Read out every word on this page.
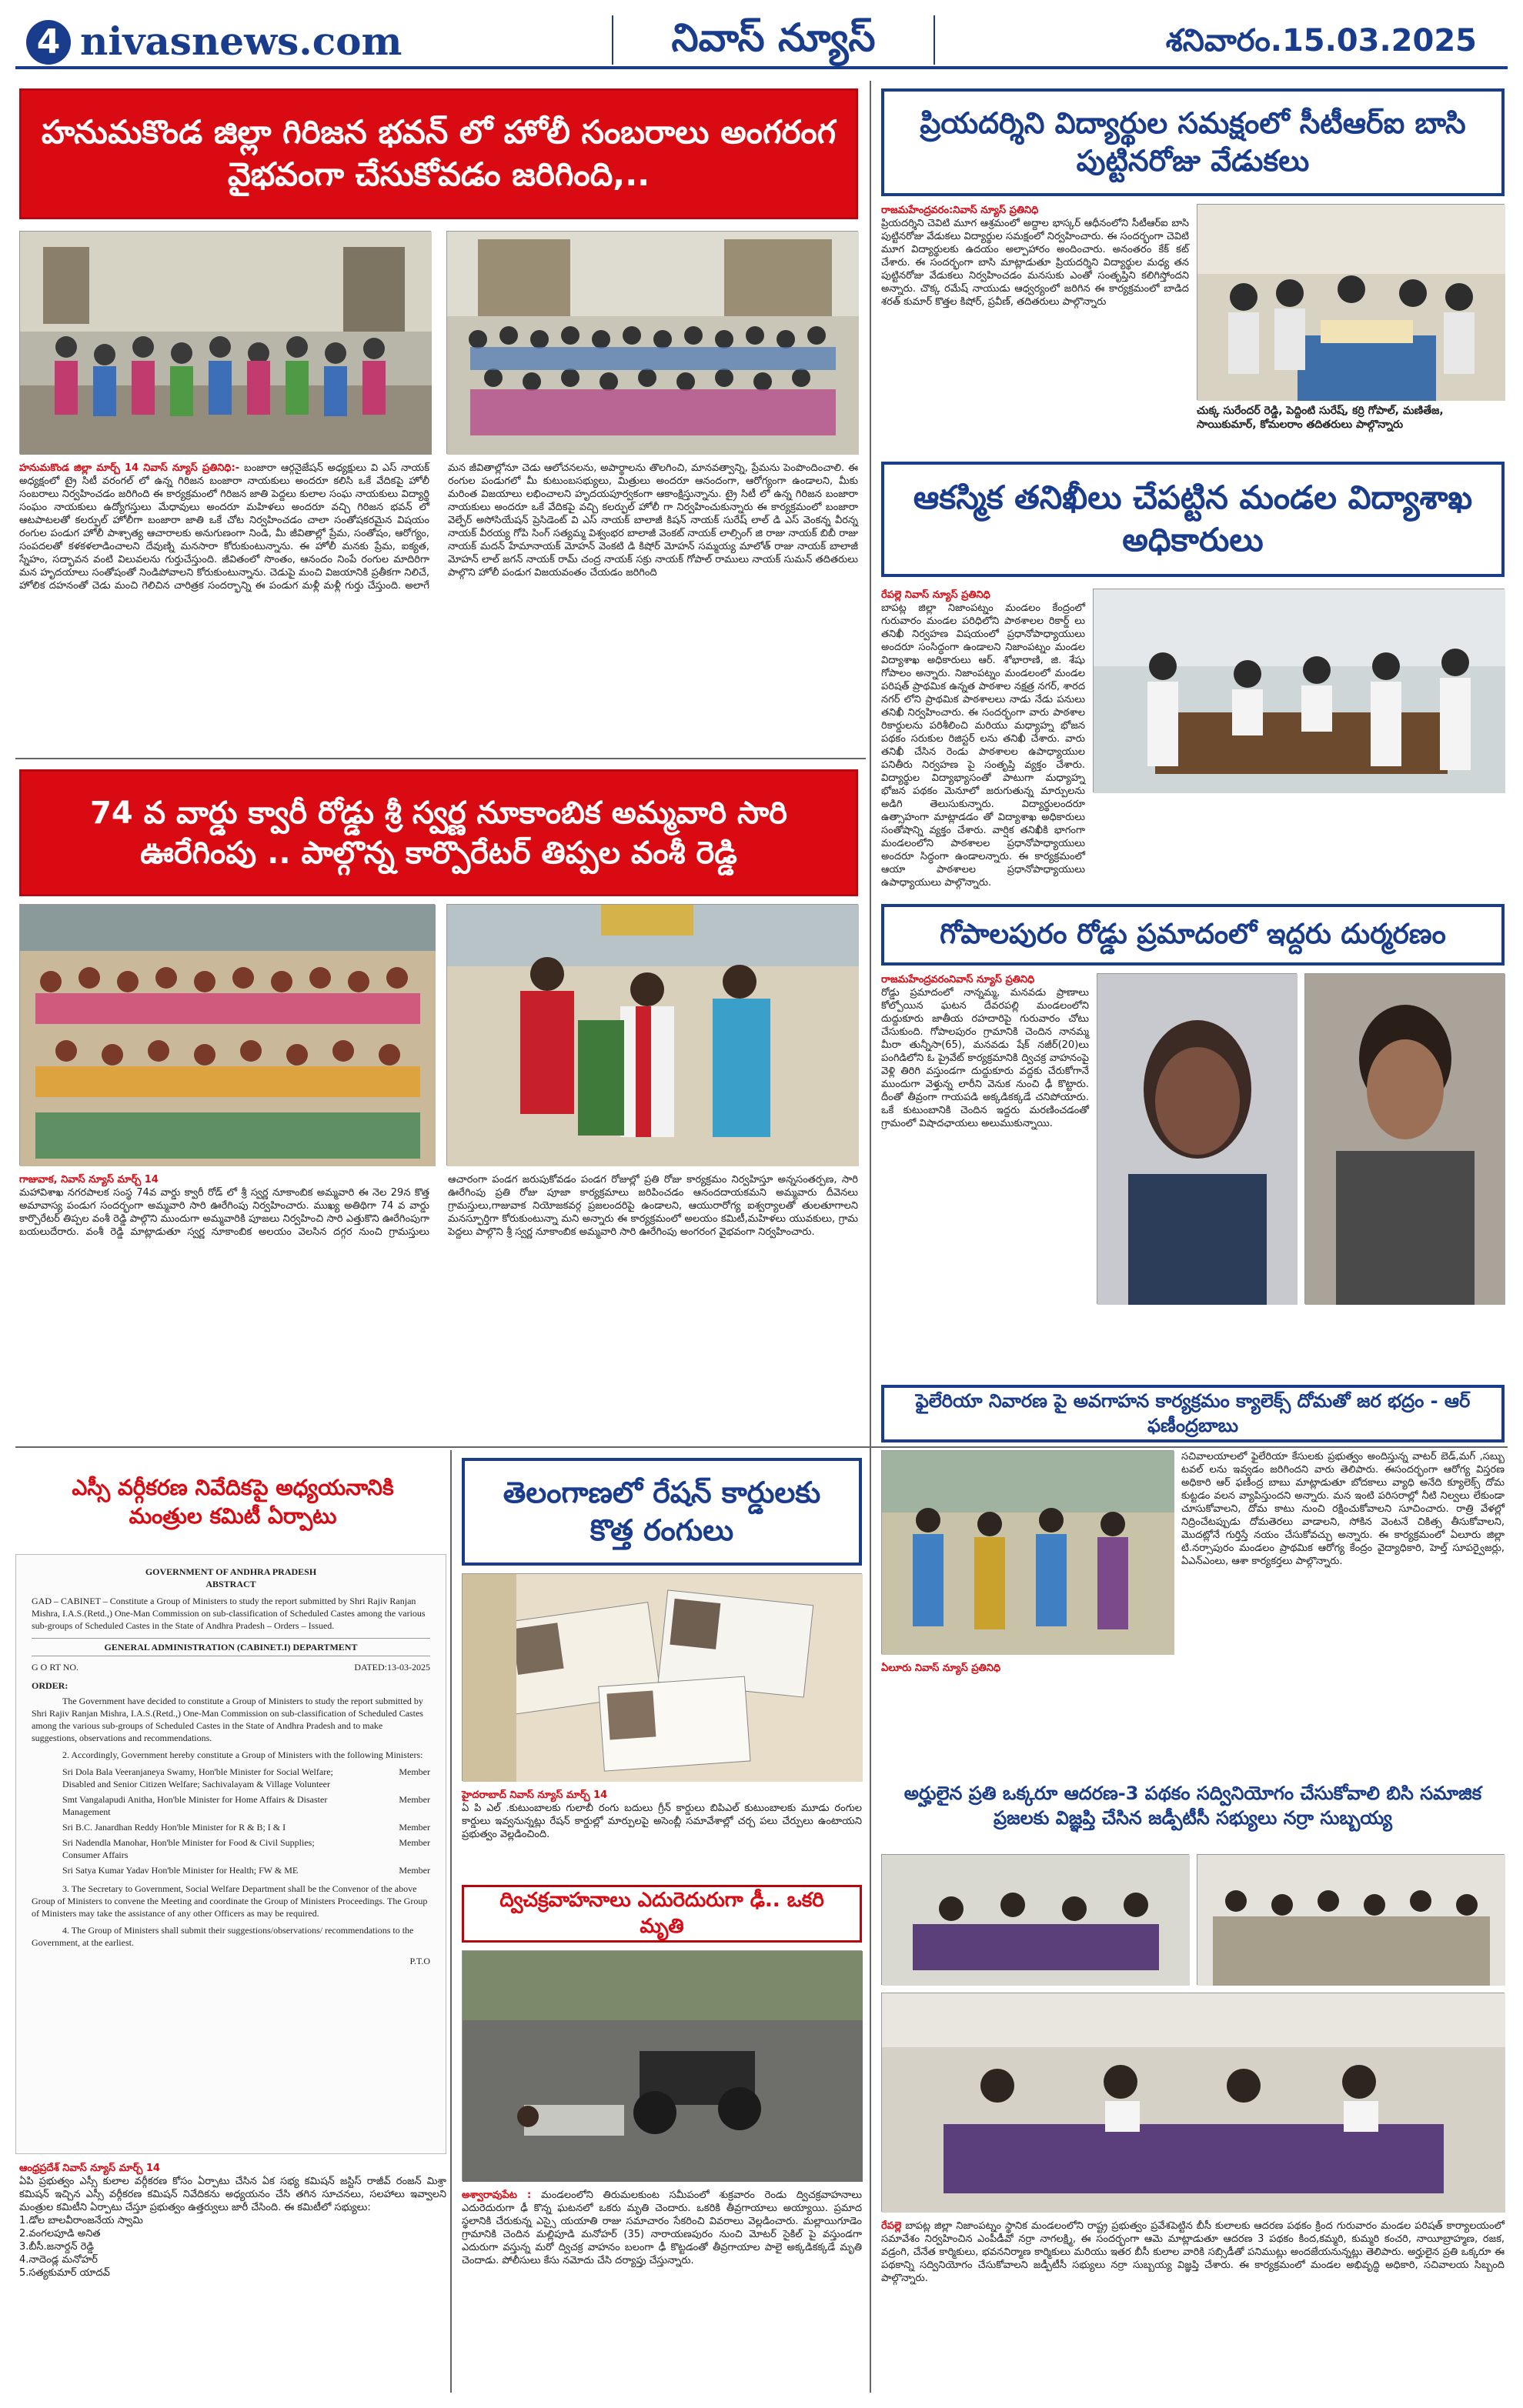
4 nivasnews.com	నివాస్ న్యూస్	శనివారం.15.03.2025
హనుమకొండ జిల్లా గిరిజన భవన్ లో హోలీ సంబరాలు అంగరంగ వైభవంగా చేసుకోవడం జరిగింది,..
హనుమకొండ జిల్లా మార్చ్ 14 నివాస్ న్యూస్ ప్రతినిధి:- బంజారా ఆర్గనైజేషన్ అధ్యక్షులు వి ఎస్ నాయక్ అధ్యక్షంలో ట్రై సిటీ వరంగల్ లో ఉన్న గిరిజన బంజారా నాయకులు అందరూ కలిసి ఒకే వేదికపై హోలీ సంబరాలు నిర్వహించడం జరిగింది ఈ కార్యక్రమంలో గిరిజన జాతి పెద్దలు కులాల సంఘ నాయకులు విద్యార్థి సంఘం నాయకులు ఉద్యోగస్తులు మేధావులు అందరూ మహిళలు అందరూ వచ్చి గిరిజన భవన్ లో ఆటపాటలతో కలర్ఫుల్ హోలీగా బంజారా జాతి ఒకే చోట నిర్వహించడం చాలా సంతోషకరమైన విషయం రంగుల పండుగ హోలీ పాశ్చాత్య ఆచారాలకు అనుగుణంగా నిండి, మీ జీవితాల్లో ప్రేమ, సంతోషం, ఆరోగ్యం, సంపదలతో కళకళలాడించాలని దేవుణ్ని మనసారా కోరుకుంటున్నాను. ఈ హోలీ మనకు ప్రేమ, ఐక్యత, స్నేహం, సద్భావన వంటి విలువలను గుర్తుచేస్తుంది. జీవితంలో సొంతం, ఆనందం నింపే రంగుల మాదిరిగా మన హృదయాలు సంతోషంతో నిండిపోవాలని కోరుకుంటున్నాను. చెడుపై మంచి విజయానికి ప్రతీకగా నిలిచే, హోలిక దహనంతో చెడు మంచి గెలిచిన చారిత్రక సందర్భాన్ని ఈ పండుగ మళ్లీ మళ్లీ గుర్తు చేస్తుంది. అలాగే మన జీవితాల్లోనూ చెడు ఆలోచనలను, అపార్థాలను తొలగించి, మానవత్వాన్ని, ప్రేమను పెంపొందించాలి. ఈ రంగుల పండుగలో మీ కుటుంబసభ్యులు, మిత్రులు అందరూ ఆనందంగా, ఆరోగ్యంగా ఉండాలని, మీకు మరింత విజయాలు లభించాలని హృదయపూర్వకంగా ఆకాంక్షిస్తున్నాను. ట్రై సిటీ లో ఉన్న గిరిజన బంజారా నాయకులు అందరూ ఒకే వేదికపై వచ్చి కలర్ఫుల్ హోలీ గా నిర్వహించుకున్నారు ఈ కార్యక్రమంలో బంజారా వెల్ఫేర్ అసోసియేషన్ ప్రెసిడెంట్ వి ఎస్ నాయక్ బాలాజీ కిషన్ నాయక్ సురేష్ లాల్ డి ఎస్ వెంకన్న వీరన్న నాయక్ వీరయ్య గోపి సింగ్ సత్యమ్మ విశ్వంభర బాలాజీ వెంకట్ నాయక్ లాల్సింగ్ జి రాజు నాయక్ బిబీ రాజు నాయక్ మదన్ హేమానాయక్ మోహన్ వెంకటి డి కిషోర్ మోహన్ సమ్మయ్య మాలోత్ రాజు నాయక్ బాలాజీ మోహన్ లాల్ జగన్ నాయక్ రామ్ చంద్ర నాయక్ సక్రు నాయక్ గోపాల్ రాములు నాయక్ సుమన్ తదితరులు పాల్గొని హోలీ పండుగ విజయవంతం చేయడం జరిగింది
ప్రియదర్శిని విద్యార్థుల సమక్షంలో సీటీఆర్ఐ బాసి పుట్టినరోజు వేడుకలు
రాజమహేంద్రవరం:నివాస్ న్యూస్ ప్రతినిధి
ప్రియదర్శిని చెవిటి మూగ ఆశ్రమంలో అద్దాల భాస్కర్ ఆధీనంలోని సీటీఆర్ఐ బాసి పుట్టినరోజు వేడుకలు విద్యార్థుల సమక్షంలో నిర్వహించారు. ఈ సందర్భంగా చెవిటి మూగ విద్యార్థులకు ఉదయం అల్పాహారం అందించారు. అనంతరం కేక్ కట్ చేశారు. ఈ సందర్భంగా బాసి మాట్లాడుతూ ప్రియదర్శిని విద్యార్థుల మధ్య తన పుట్టినరోజు వేడుకలు నిర్వహించడం మనసుకు ఎంతో సంతృప్తిని కలిగిస్తోందని అన్నారు. చొక్క రమేష్ నాయుడు ఆధ్వర్యంలో జరిగిన ఈ కార్యక్రమంలో బాడిద శరత్ కుమార్ కొత్తల కిషోర్, ప్రవీణ్, తదితరులు పాల్గొన్నారు
చుక్క సురేందర్ రెడ్డి, పెద్దింటి సురేష్, కర్రి గోపాల్, మణితేజ, సాయికుమార్, కోమలరాం తదితరులు పాల్గొన్నారు
ఆకస్మిక తనిఖీలు చేపట్టిన మండల విద్యాశాఖ అధికారులు
రేపల్లె నివాస్ న్యూస్ ప్రతినిధి
బాపట్ల జిల్లా నిజాంపట్నం మండలం కేంద్రంలో గురువారం మండల పరిధిలోని పాఠశాలల రికార్డ్ లు తనిఖీ నిర్వహణ విషయంలో ప్రధానోపాధ్యాయులు అందరూ సంసిద్ధంగా ఉండాలని నిజాంపట్నం మండల విద్యాశాఖ అధికారులు ఆర్. శోభారాణి, జి. శేషు గోపాలం అన్నారు. నిజాంపట్నం మండలంలో మండల పరిషత్ ప్రాథమిక ఉన్నత పాఠశాల నక్షత్ర నగర్, శారద నగర్ లోని ప్రాథమిక పాఠశాలలు నాడు నేడు పనులు తనిఖీ నిర్వహించారు. ఈ సందర్భంగా వారు పాఠశాల రికార్డులను పరిశీలించి మరియు మధ్యాహ్న భోజన పథకం సరుకుల రిజిస్టర్ లను తనిఖీ చేశారు. వారు తనిఖీ చేసిన రెండు పాఠశాలల ఉపాధ్యాయుల పనితీరు నిర్వహణ పై సంతృప్తి వ్యక్తం చేశారు. విద్యార్థుల విద్యాభ్యాసంతో పాటుగా మధ్యాహ్న భోజన పథకం మెనూలో జరుగుతున్న మార్పులను అడిగి తెలుసుకున్నారు. విద్యార్థులందరూ ఉత్సాహంగా మాట్లాడడం తో విద్యాశాఖ అధికారులు సంతోషాన్ని వ్యక్తం చేశారు. వార్షిక తనిఖీకి భాగంగా మండలంలోని పాఠశాలల ప్రధానోపాధ్యాయులు అందరూ సిద్ధంగా ఉండాలన్నారు. ఈ కార్యక్రమంలో ఆయా పాఠశాలల ప్రధానోపాధ్యాయులు ఉపాధ్యాయులు పాల్గొన్నారు.
74 వ వార్డు క్వారీ రోడ్డు శ్రీ స్వర్ణ నూకాంబిక అమ్మవారి సారి ఊరేగింపు .. పాల్గొన్న కార్పొరేటర్ తిప్పల వంశీ రెడ్డి
గాజువాక, నివాస్ న్యూస్ మార్చ్ 14
మహావిశాఖ నగరపాలక సంస్థ 74వ వార్డు క్వారీ రోడ్ లో శ్రీ స్వర్ణ నూకాంబిక అమ్మవారి ఈ నెల 29న కొత్త అమావాస్య పండుగ సందర్భంగా అమ్మవారి సారి ఊరేగింపు నిర్వహించారు. ముఖ్య అతిథిగా 74 వ వార్డు కార్పొరేటర్ తిప్పల వంశీ రెడ్డి పాల్గొని ముందుగా అమ్మవారికి పూజలు నిర్వహించి సారి ఎత్తుకొని ఊరేగింపుగా బయలుదేరారు. వంశీ రెడ్డి మాట్లాడుతూ స్వర్ణ నూకాంబిక అలయం వెలసిన దగ్గర నుంచి గ్రామస్తులు ఆచారంగా పండగ జరుపుకోవడం పండగ రోజుల్లో ప్రతి రోజు కార్యక్రమం నిర్వహిస్తూ అన్నసంతర్పణ, సారి ఊరేగింపు ప్రతి రోజు పూజా కార్యక్రమాలు జరిపించడం ఆనందదాయకమని అమ్మవారు దీవెనలు గ్రామస్తులు,గాజువాక నియోజకవర్గ ప్రజలందరిపై ఉండాలని, ఆయురారోగ్య ఐశ్వర్యాలతో తులతూగాలని మనస్ఫూర్తిగా కోరుకుంటున్నా మని అన్నారు ఈ కార్యక్రమంలో అలయం కమిటీ,మహిళలు యువకులు, గ్రామ పెద్దలు పాల్గొని శ్రీ స్వర్ణ నూకాంబిక అమ్మవారి సారి ఊరేగింపు అంగరంగ వైభవంగా నిర్వహించారు.
గోపాలపురం రోడ్డు ప్రమాదంలో ఇద్దరు దుర్మరణం
రాజమహేంద్రవరంనివాస్ న్యూస్ ప్రతినిధి
రోడ్డు ప్రమాదంలో నాన్నమ్మ, మనవడు ప్రాణాలు కోల్పోయిన ఘటన దేవరపల్లి మండలంలోని దుద్దుకూరు జాతీయ రహదారిపై గురువారం చోటు చేసుకుంది. గోపాలపురం గ్రామానికి చెందిన నానమ్మ మీరా తున్నీసా(65), మనవడు షేక్ నజీర్(20)లు పంగిడిలోని ఓ ప్రైవేట్ కార్యక్రమానికి ద్విచక్ర వాహనంపై వెళ్లి తిరిగి వస్తుండగా దుద్దుకూరు వద్దకు చేరుకోగానే ముందుగా వెళ్తున్న లారీని వెనుక నుంచి ఢీ కొట్టారు. దీంతో తీవ్రంగా గాయపడి అక్కడికక్కడే చనిపోయారు. ఒకే కుటుంబానికి చెందిన ఇద్దరు మరణించడంతో గ్రామంలో విషాదఛాయలు అలుముకున్నాయి.
ఫైలేరియా నివారణ పై అవగాహన కార్యక్రమం క్యాలెక్స్ దోమతో జర భద్రం - ఆర్ ఫణీంద్రబాబు
ఎస్సీ వర్గీకరణ నివేదికపై అధ్యయనానికి మంత్రుల కమిటీ ఏర్పాటు
GOVERNMENT OF ANDHRA PRADESH
ABSTRACT
GAD – CABINET – Constitute a Group of Ministers to study the report submitted by Shri Rajiv Ranjan Mishra, I.A.S.(Retd.,) One-Man Commission on sub-classification of Scheduled Castes among the various sub-groups of Scheduled Castes in the State of Andhra Pradesh – Orders – Issued.
GENERAL ADMINISTRATION (CABINET.I) DEPARTMENT
G O RT NO.	DATED:13-03-2025
ORDER:
The Government have decided to constitute a Group of Ministers to study the report submitted by Shri Rajiv Ranjan Mishra, I.A.S.(Retd.,) One-Man Commission on sub-classification of Scheduled Castes among the various sub-groups of Scheduled Castes in the State of Andhra Pradesh and to make suggestions, observations and recommendations.
2. Accordingly, Government hereby constitute a Group of Ministers with the following Ministers:
Sri Dola Bala Veeranjaneya Swamy, Hon'ble Minister for Social Welfare; Disabled and Senior Citizen Welfare; Sachivalayam & Village Volunteer
Member
Smt Vangalapudi Anitha, Hon'ble Minister for Home Affairs & Disaster Management
Member
Sri B.C. Janardhan Reddy Hon'ble Minister for R & B; I & I	Member
Sri Nadendla Manohar, Hon'ble Minister for Food & Civil Supplies; Consumer Affairs
Member
Sri Satya Kumar Yadav Hon'ble Minister for Health; FW & ME	Member
3. The Secretary to Government, Social Welfare Department shall be the Convenor of the above Group of Ministers to convene the Meeting and coordinate the Group of Ministers Proceedings. The Group of Ministers may take the assistance of any other Officers as may be required.
4. The Group of Ministers shall submit their suggestions/observations/ recommendations to the Government, at the earliest.
P.T.O
ఆంధ్రప్రదేశ్ నివాస్ న్యూస్ మార్చ్ 14
ఏపి ప్రభుత్వం ఎస్సీ కులాల వర్గీకరణ కోసం ఏర్పాటు చేసిన ఏక సభ్య కమిషన్ జస్టిస్ రాజీవ్ రంజన్ మిశ్రా కమిషన్ ఇచ్చిన ఎస్సీ వర్గీకరణ కమిషన్ నివేదికను అధ్యయనం చేసి తగిన సూచనలు, సలహాలు ఇవ్వాలని మంత్రుల కమిటీని ఏర్పాటు చేస్తూ ప్రభుత్వం ఉత్తర్వులు జారీ చేసింది. ఈ కమిటీలో సభ్యులు:
1.డోల బాలవీరాంజనేయ స్వామి
2.వంగలపూడి అనిత
3.బీసీ.జనార్దన్ రెడ్డి
4.నాదెండ్ల మనోహర్
5.సత్యకుమార్ యాదవ్
తెలంగాణలో రేషన్ కార్డులకు కొత్త రంగులు
హైదరాబాద్ నివాస్ న్యూస్ మార్చ్ 14
ఏ పి ఎల్ .కుటుంబాలకు గులాబీ రంగు బదులు గ్రీన్ కార్డులు బిపిఎల్ కుటుంబాలకు మూడు రంగుల కార్డులు ఇవ్వనున్నట్లు రేషన్ కార్డుల్లో మార్పులపై అసెంబ్లీ సమావేశాల్లో చర్చ పలు చేర్పులు ఉంటాయని ప్రభుత్వం వెల్లడించింది.
ద్విచక్రవాహనాలు ఎదురెదురుగా ఢీ.. ఒకరి మృతి
అశ్వారావుపేట : మండలంలోని తిరుమలకుంట సమీపంలో శుక్రవారం రెండు ద్విచక్రవాహనాలు ఎదురెదురుగా ఢీ కొన్న ఘటనలో ఒకరు మృతి చెందారు. ఒకరికి తీవ్రగాయాలు అయ్యాయి. ప్రమాద స్థలానికి చేరుకున్న ఎస్సై యయాతి రాజు సమాచారం సేకరించి వివరాలు వెల్లడించారు. మల్లాయిగూడెం గ్రామానికి చెందిన మల్లిపూడి మనోహర్ (35) నారాయణపురం నుంచి మోటర్ సైకిల్ పై వస్తుండగా ఎదురుగా వస్తున్న మరో ద్విచక్ర వాహనం బలంగా ఢీ కొట్టడంతో తీవ్రగాయాల పాలై అక్కడికక్కడే మృతి చెందాడు. పోలీసులు కేసు నమోదు చేసి దర్యాప్తు చేస్తున్నారు.
సచివాలయాలలో ఫైలేరియా కేసులకు ప్రభుత్వం అందిస్తున్న వాటర్ బెడ్,మగ్ ,సబ్బు టవల్ లను ఇవ్వడం జరిగిందని వారు తెలిపారు. ఈసందర్భంగా ఆరోగ్య విస్తరణ అధికారి ఆర్ ఫణీంద్ర బాబు మాట్లాడుతూ బోదకాలు వ్యాధి అనేది క్యూలెక్స్ దోమ కుట్టడం వలన వ్యాపిస్తుందని అన్నారు. మన ఇంటి పరిసరాల్లో నీటి నిల్వలు లేకుండా చూసుకోవాలని, దోమ కాటు నుంచి రక్షించుకోవాలని సూచించారు. రాత్రి వేళల్లో నిద్రించేటప్పుడు దోమతెరలు వాడాలని, సోకిన వెంటనే చికిత్స తీసుకోవాలని, మొదట్లోనే గుర్తిస్తే నయం చేసుకోవచ్చు అన్నారు. ఈ కార్యక్రమంలో ఏలూరు జిల్లా టి.నర్సాపురం మండలం ప్రాథమిక ఆరోగ్య కేంద్రం వైద్యాధికారి, హెల్త్ సూపర్వైజర్లు, ఏఎన్ఎంలు, ఆశా కార్యకర్తలు పాల్గొన్నారు.
ఏలూరు నివాస్ న్యూస్ ప్రతినిధి
అర్హులైన ప్రతి ఒక్కరూ ఆదరణ-3 పథకం సద్వినియోగం చేసుకోవాలి బిసి సమాజిక ప్రజలకు విజ్ఞప్తి చేసిన జడ్పీటీసీ సభ్యులు నర్రా సుబ్బయ్య
రేపల్లె బాపట్ల జిల్లా నిజాంపట్నం స్థానిక మండలంలోని రాష్ట్ర ప్రభుత్వం ప్రవేశపెట్టిన బీసీ కులాలకు ఆదరణ పథకం క్రింద గురువారం మండల పరిషత్ కార్యాలయంలో సమావేశం నిర్వహించిన ఎంపీడీవో నర్రా నాగలక్ష్మి, ఈ సందర్భంగా ఆమె మాట్లాడుతూ ఆదరణ 3 పథకం కింద,కమ్మరి, కుమ్మరి కంచరి, నాయీబ్రాహ్మణ, రజక, వడ్రంగి, చేనేత కార్మికులు, భవననిర్మాణ కార్మికులు మరియు ఇతర బీసీ కులాల వారికి సబ్సిడీతో పనిముట్లు అందజేయనున్నట్లు తెలిపారు. అర్హులైన ప్రతి ఒక్కరూ ఈ పథకాన్ని సద్వినియోగం చేసుకోవాలని జడ్పీటీసీ సభ్యులు నర్రా సుబ్బయ్య విజ్ఞప్తి చేశారు. ఈ కార్యక్రమంలో మండల అభివృద్ధి అధికారి, సచివాలయ సిబ్బంది పాల్గొన్నారు.
